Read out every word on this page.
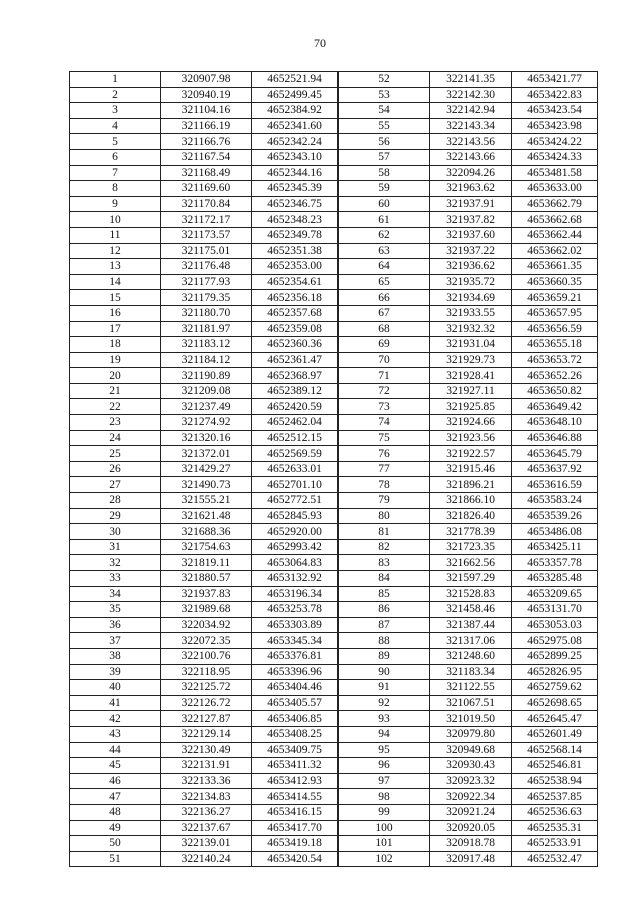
70
1	320907.98	4652521.94
2	320940.19	4652499.45
3	321104.16	4652384.92
4	321166.19	4652341.60
5	321166.76	4652342.24
6	321167.54	4652343.10
7	321168.49	4652344.16
8	321169.60	4652345.39
9	321170.84	4652346.75
10	321172.17	4652348.23
11	321173.57	4652349.78
12	321175.01	4652351.38
13	321176.48	4652353.00
14	321177.93	4652354.61
15	321179.35	4652356.18
16	321180.70	4652357.68
17	321181.97	4652359.08
18	321183.12	4652360.36
19	321184.12	4652361.47
20	321190.89	4652368.97
21	321209.08	4652389.12
22	321237.49	4652420.59
23	321274.92	4652462.04
24	321320.16	4652512.15
25	321372.01	4652569.59
26	321429.27	4652633.01
27	321490.73	4652701.10
28	321555.21	4652772.51
29	321621.48	4652845.93
30	321688.36	4652920.00
31	321754.63	4652993.42
32	321819.11	4653064.83
33	321880.57	4653132.92
34	321937.83	4653196.34
35	321989.68	4653253.78
36	322034.92	4653303.89
37	322072.35	4653345.34
38	322100.76	4653376.81
39	322118.95	4653396.96
40	322125.72	4653404.46
41	322126.72	4653405.57
42	322127.87	4653406.85
43	322129.14	4653408.25
44	322130.49	4653409.75
45	322131.91	4653411.32
46	322133.36	4653412.93
47	322134.83	4653414.55
48	322136.27	4653416.15
49	322137.67	4653417.70
50	322139.01	4653419.18
51	322140.24	4653420.54
52	322141.35	4653421.77
53	322142.30	4653422.83
54	322142.94	4653423.54
55	322143.34	4653423.98
56	322143.56	4653424.22
57	322143.66	4653424.33
58	322094.26	4653481.58
59	321963.62	4653633.00
60	321937.91	4653662.79
61	321937.82	4653662.68
62	321937.60	4653662.44
63	321937.22	4653662.02
64	321936.62	4653661.35
65	321935.72	4653660.35
66	321934.69	4653659.21
67	321933.55	4653657.95
68	321932.32	4653656.59
69	321931.04	4653655.18
70	321929.73	4653653.72
71	321928.41	4653652.26
72	321927.11	4653650.82
73	321925.85	4653649.42
74	321924.66	4653648.10
75	321923.56	4653646.88
76	321922.57	4653645.79
77	321915.46	4653637.92
78	321896.21	4653616.59
79	321866.10	4653583.24
80	321826.40	4653539.26
81	321778.39	4653486.08
82	321723.35	4653425.11
83	321662.56	4653357.78
84	321597.29	4653285.48
85	321528.83	4653209.65
86	321458.46	4653131.70
87	321387.44	4653053.03
88	321317.06	4652975.08
89	321248.60	4652899.25
90	321183.34	4652826.95
91	321122.55	4652759.62
92	321067.51	4652698.65
93	321019.50	4652645.47
94	320979.80	4652601.49
95	320949.68	4652568.14
96	320930.43	4652546.81
97	320923.32	4652538.94
98	320922.34	4652537.85
99	320921.24	4652536.63
100	320920.05	4652535.31
101	320918.78	4652533.91
102	320917.48	4652532.47
